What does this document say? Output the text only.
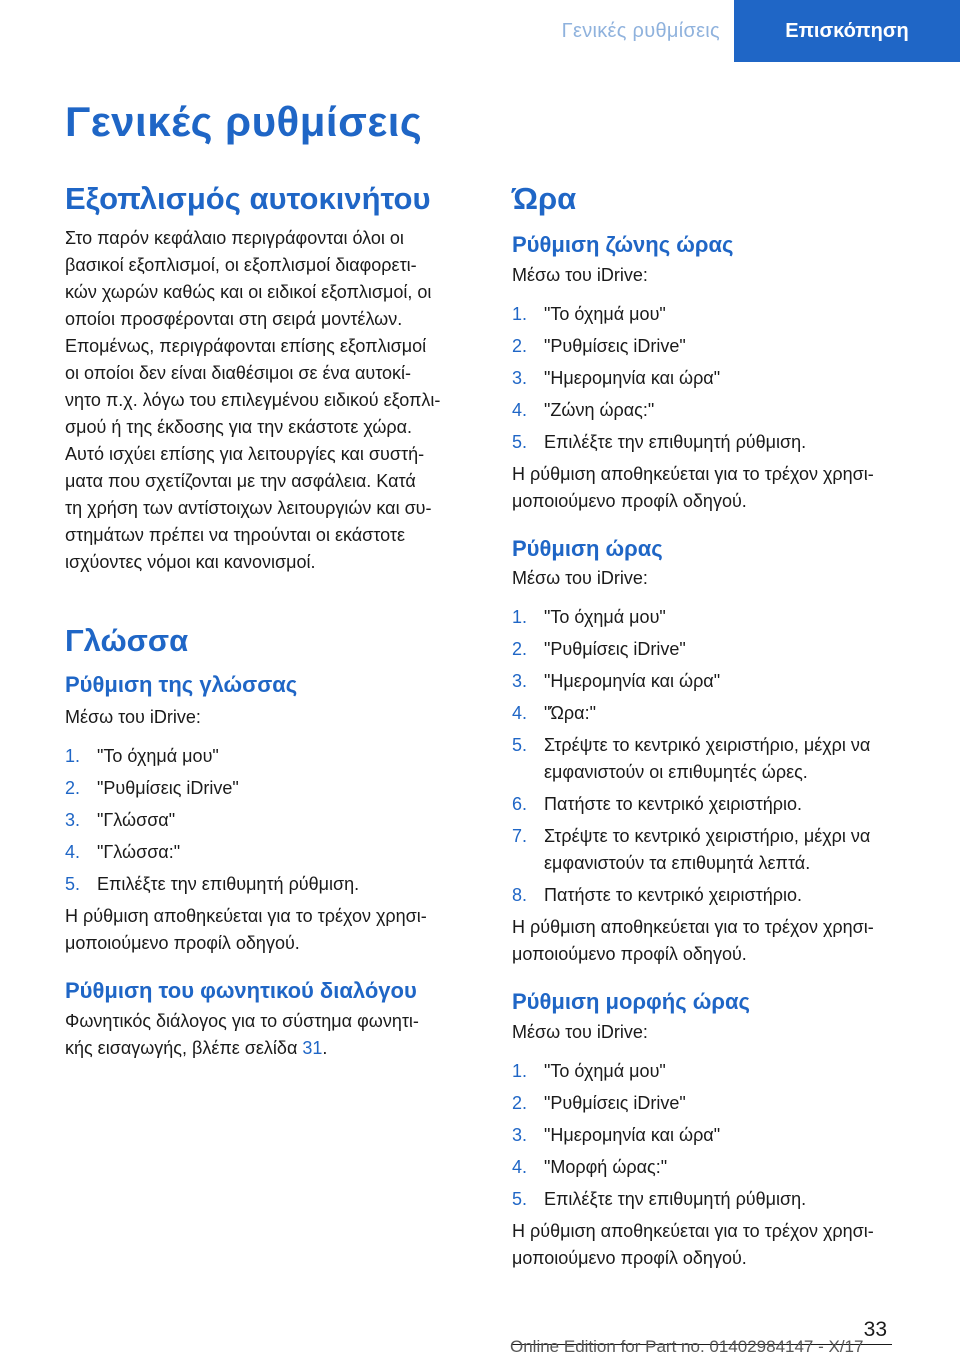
Γενικές ρυθμίσεις	Επισκόπηση
Γενικές ρυθμίσεις
Εξοπλισμός αυτοκινήτου

Στο παρόν κεφάλαιο περιγράφονται όλοι οι
βασικοί εξοπλισμοί, οι εξοπλισμοί διαφορετι‐
κών χωρών καθώς και οι ειδικοί εξοπλισμοί, οι
οποίοι προσφέρονται στη σειρά μοντέλων.
Επομένως, περιγράφονται επίσης εξοπλισμοί
οι οποίοι δεν είναι διαθέσιμοι σε ένα αυτοκί‐
νητο π.χ. λόγω του επιλεγμένου ειδικού εξοπλι‐
σμού ή της έκδοσης για την εκάστοτε χώρα.
Αυτό ισχύει επίσης για λειτουργίες και συστή‐
ματα που σχετίζονται με την ασφάλεια. Κατά
τη χρήση των αντίστοιχων λειτουργιών και συ‐
στημάτων πρέπει να τηρούνται οι εκάστοτε
ισχύοντες νόμοι και κανονισμοί.

Γλώσσα
Ρύθμιση της γλώσσας

Μέσω του iDrive:

1. "Το όχημά μου"
2. "Ρυθμίσεις iDrive"
3. "Γλώσσα"
4. "Γλώσσα:"
5. Επιλέξτε την επιθυμητή ρύθμιση.

Η ρύθμιση αποθηκεύεται για το τρέχον χρησι‐
μοποιούμενο προφίλ οδηγού.

Ρύθμιση του φωνητικού διαλόγου

Φωνητικός διάλογος για το σύστημα φωνητι‐
κής εισαγωγής, βλέπε σελίδα 31.

Ώρα
Ρύθμιση ζώνης ώρας

Μέσω του iDrive:

1. "Το όχημά μου"
2. "Ρυθμίσεις iDrive"
3. "Ημερομηνία και ώρα"
4. "Ζώνη ώρας:"
5. Επιλέξτε την επιθυμητή ρύθμιση.

Η ρύθμιση αποθηκεύεται για το τρέχον χρησι‐
μοποιούμενο προφίλ οδηγού.

Ρύθμιση ώρας

Μέσω του iDrive:

1. "Το όχημά μου"
2. "Ρυθμίσεις iDrive"
3. "Ημερομηνία και ώρα"
4. "Ώρα:"
5. Στρέψτε το κεντρικό χειριστήριο, μέχρι να εμφανιστούν οι επιθυμητές ώρες.
6. Πατήστε το κεντρικό χειριστήριο.
7. Στρέψτε το κεντρικό χειριστήριο, μέχρι να εμφανιστούν τα επιθυμητά λεπτά.
8. Πατήστε το κεντρικό χειριστήριο.

Η ρύθμιση αποθηκεύεται για το τρέχον χρησι‐
μοποιούμενο προφίλ οδηγού.

Ρύθμιση μορφής ώρας

Μέσω του iDrive:

1. "Το όχημά μου"
2. "Ρυθμίσεις iDrive"
3. "Ημερομηνία και ώρα"
4. "Μορφή ώρας:"
5. Επιλέξτε την επιθυμητή ρύθμιση.

Η ρύθμιση αποθηκεύεται για το τρέχον χρησι‐
μοποιούμενο προφίλ οδηγού.

33
Online Edition for Part no. 01402984147 - X/17
